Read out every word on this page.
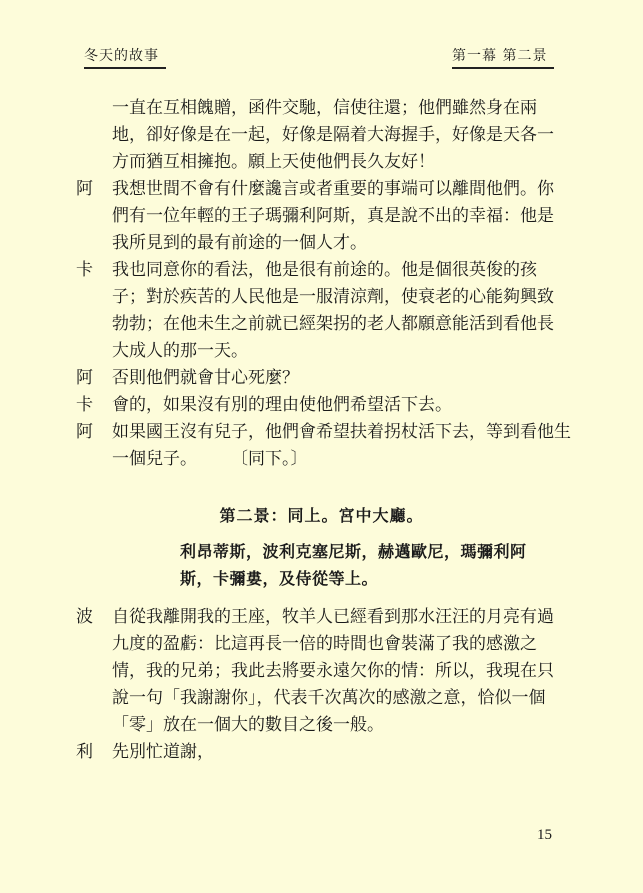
冬天的故事	第一幕 第二景
一直在互相餽贈，函件交馳，信使往還；他們雖然身在兩
地，卻好像是在一起，好像是隔着大海握手，好像是天各一
方而猶互相擁抱。願上天使他們長久友好！
阿	我想世間不會有什麼讒言或者重要的事端可以離間他們。你
們有一位年輕的王子瑪彌利阿斯，真是說不出的幸福：他是
我所見到的最有前途的一個人才。
卡	我也同意你的看法，他是很有前途的。他是個很英俊的孩
子；對於疾苦的人民他是一服清涼劑，使衰老的心能夠興致
勃勃；在他未生之前就已經架拐的老人都願意能活到看他長
大成人的那一天。
阿	否則他們就會甘心死麼？
卡	會的，如果沒有別的理由使他們希望活下去。
阿	如果國王沒有兒子，他們會希望扶着拐杖活下去，等到看他生
一個兒子。　　　〔同下。〕
第二景：同上。宮中大廳。
利昂蒂斯，波利克塞尼斯，赫邁歐尼，瑪彌利阿
斯，卡彌婁，及侍從等上。
波	自從我離開我的王座，牧羊人已經看到那水汪汪的月亮有過
九度的盈虧：比這再長一倍的時間也會裝滿了我的感激之
情，我的兄弟；我此去將要永遠欠你的情：所以，我現在只
說一句「我謝謝你」，代表千次萬次的感激之意，恰似一個
「零」放在一個大的數目之後一般。
利	先別忙道謝，
15
